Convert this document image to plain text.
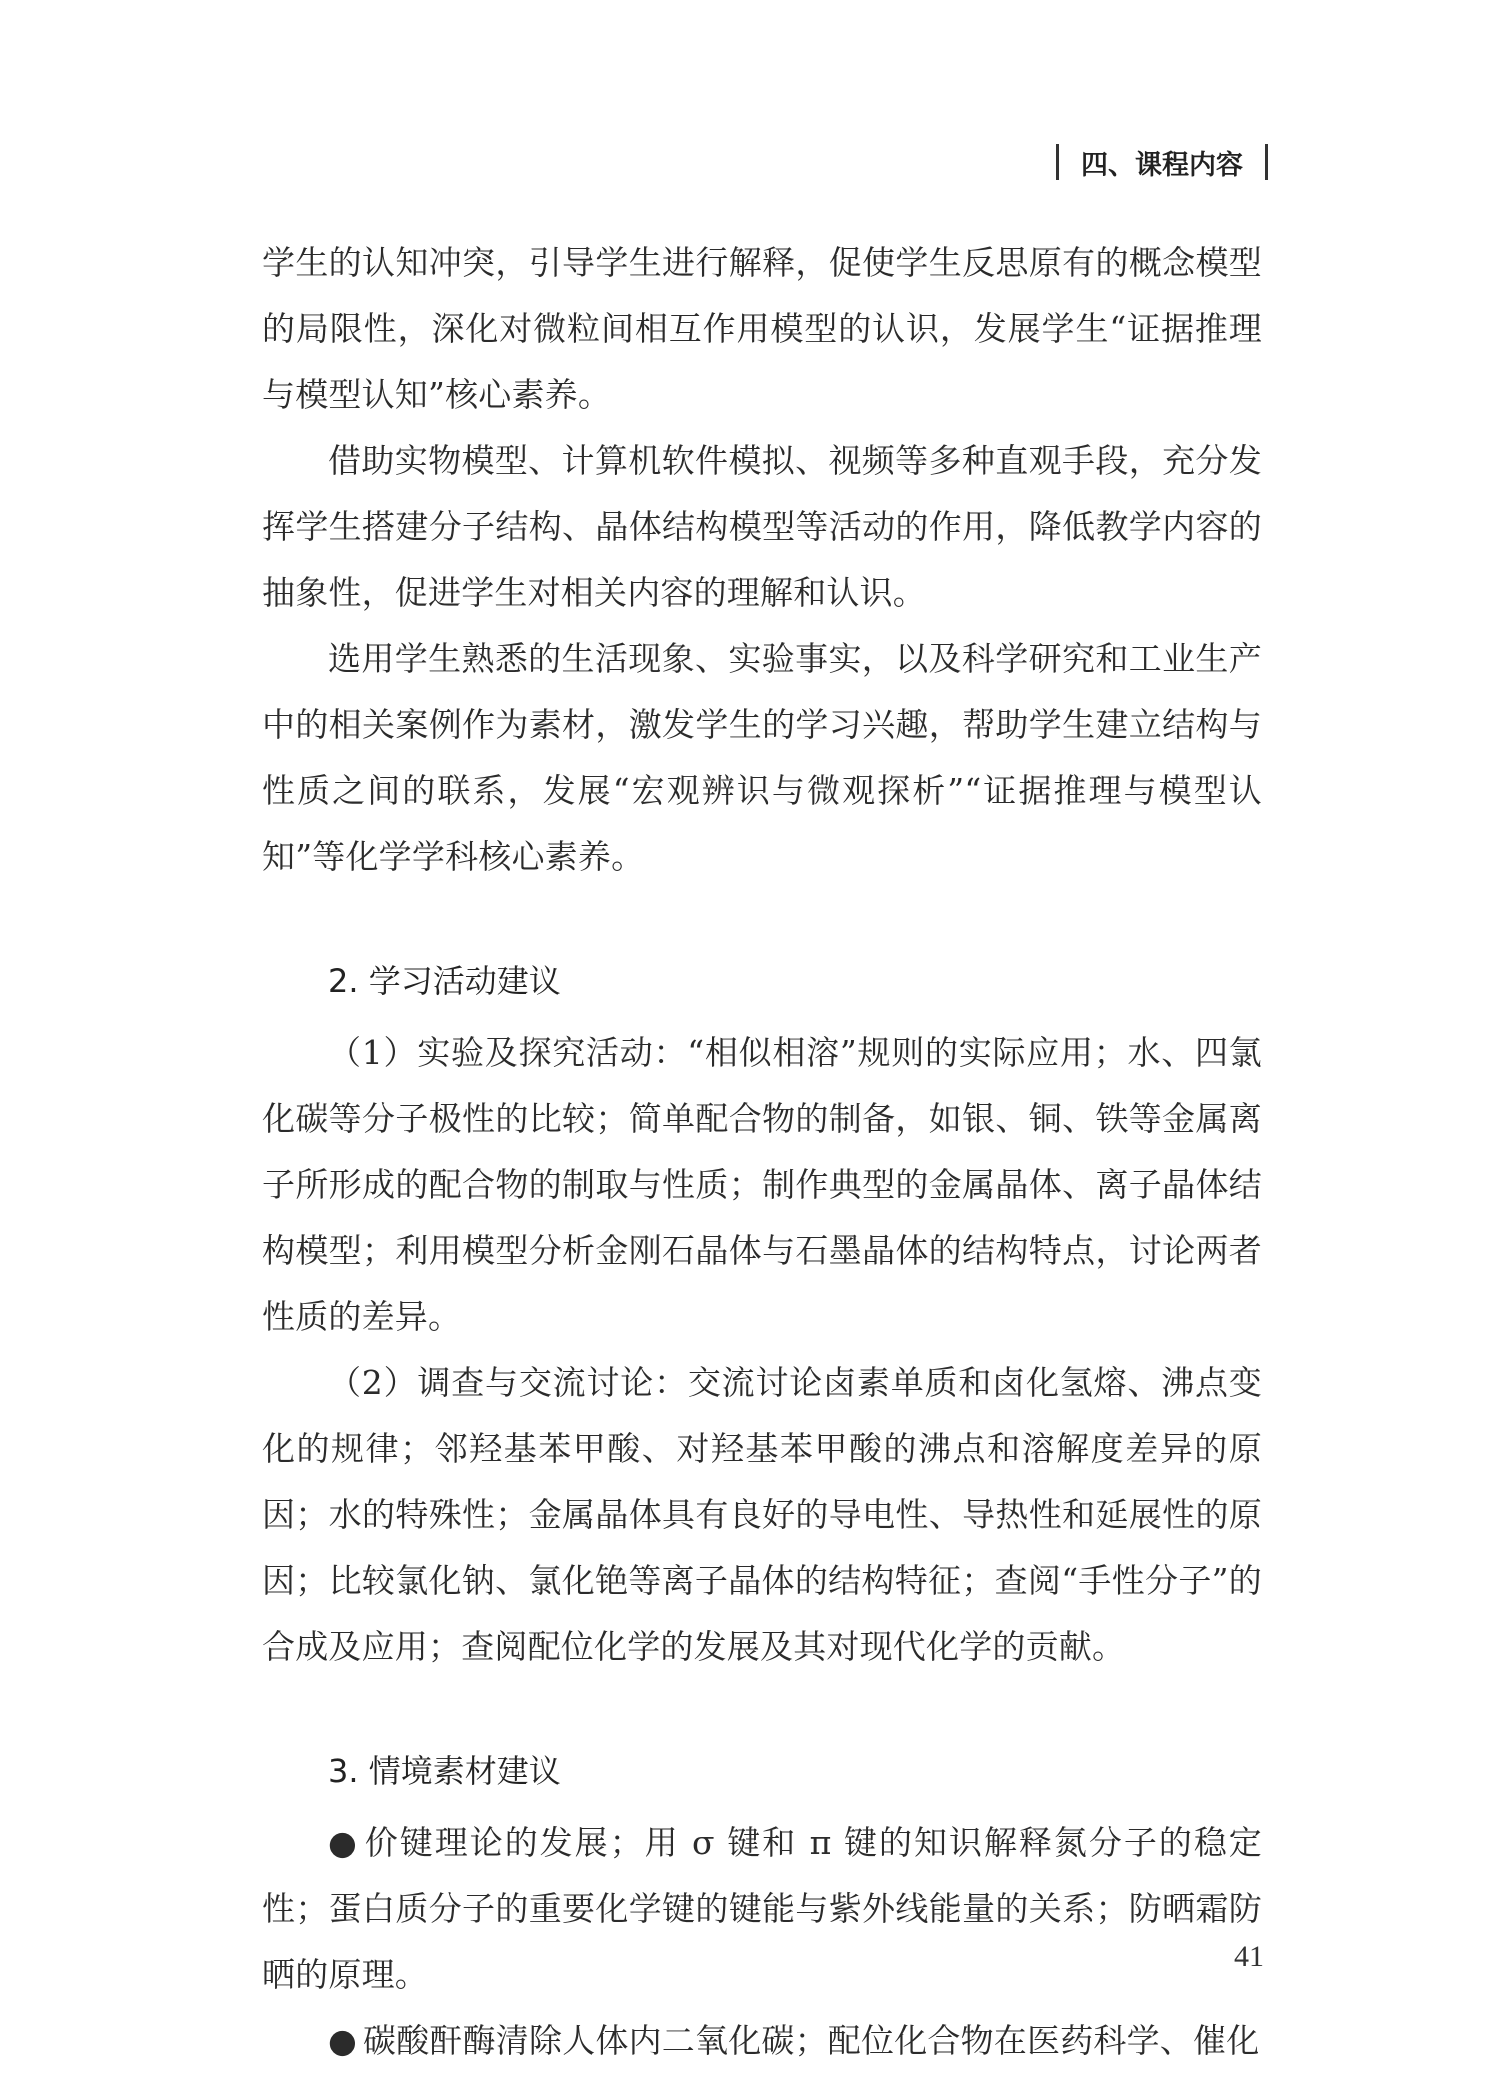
四、课程内容

学生的认知冲突，引导学生进行解释，促使学生反思原有的概念模型的局限性，深化对微粒间相互作用模型的认识，发展学生“证据推理与模型认知”核心素养。

借助实物模型、计算机软件模拟、视频等多种直观手段，充分发挥学生搭建分子结构、晶体结构模型等活动的作用，降低教学内容的抽象性，促进学生对相关内容的理解和认识。

选用学生熟悉的生活现象、实验事实，以及科学研究和工业生产中的相关案例作为素材，激发学生的学习兴趣，帮助学生建立结构与性质之间的联系，发展“宏观辨识与微观探析”“证据推理与模型认知”等化学学科核心素养。

2. 学习活动建议

（1）实验及探究活动：“相似相溶”规则的实际应用；水、四氯化碳等分子极性的比较；简单配合物的制备，如银、铜、铁等金属离子所形成的配合物的制取与性质；制作典型的金属晶体、离子晶体结构模型；利用模型分析金刚石晶体与石墨晶体的结构特点，讨论两者性质的差异。

（2）调查与交流讨论：交流讨论卤素单质和卤化氢熔、沸点变化的规律；邻羟基苯甲酸、对羟基苯甲酸的沸点和溶解度差异的原因；水的特殊性；金属晶体具有良好的导电性、导热性和延展性的原因；比较氯化钠、氯化铯等离子晶体的结构特征；查阅“手性分子”的合成及应用；查阅配位化学的发展及其对现代化学的贡献。

3. 情境素材建议

● 价键理论的发展；用 σ 键和 π 键的知识解释氮分子的稳定性；蛋白质分子的重要化学键的键能与紫外线能量的关系；防晒霜防晒的原理。

● 碳酸酐酶清除人体内二氧化碳；配位化合物在医药科学、催化

41
